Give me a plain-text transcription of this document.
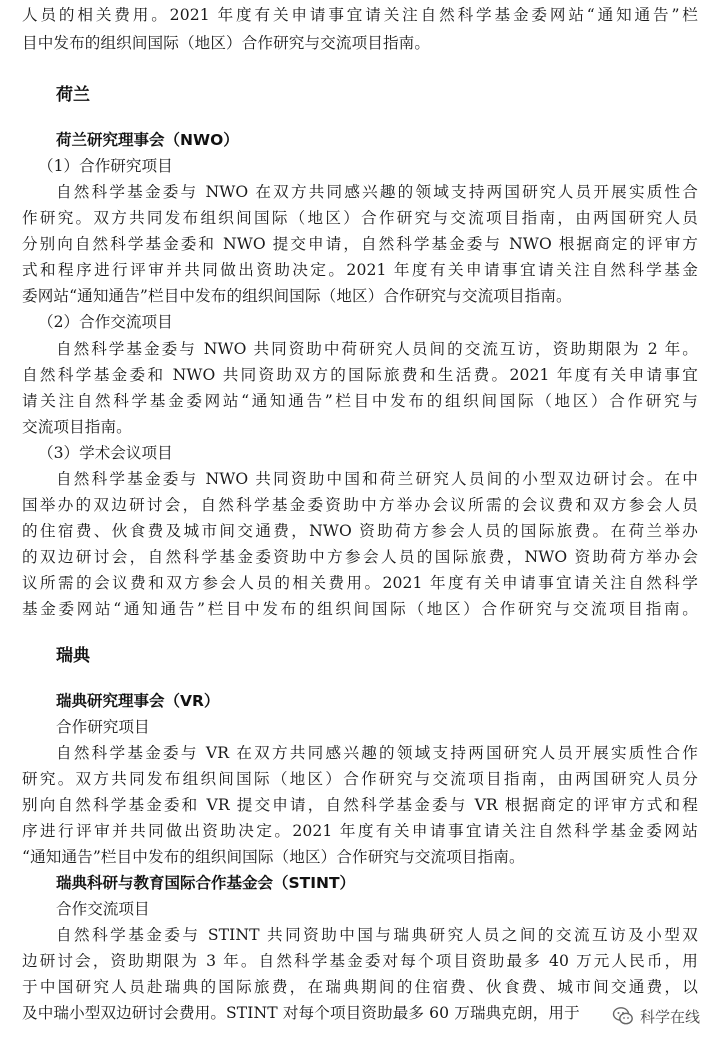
人员的相关费用。2021 年度有关申请事宜请关注自然科学基金委网站“通知通告”栏
目中发布的组织间国际（地区）合作研究与交流项目指南。
荷兰
荷兰研究理事会（NWO）
（1）合作研究项目
自然科学基金委与 NWO 在双方共同感兴趣的领域支持两国研究人员开展实质性合
作研究。双方共同发布组织间国际（地区）合作研究与交流项目指南，由两国研究人员
分别向自然科学基金委和 NWO 提交申请，自然科学基金委与 NWO 根据商定的评审方
式和程序进行评审并共同做出资助决定。2021 年度有关申请事宜请关注自然科学基金
委网站“通知通告”栏目中发布的组织间国际（地区）合作研究与交流项目指南。
（2）合作交流项目
自然科学基金委与 NWO 共同资助中荷研究人员间的交流互访，资助期限为 2 年。
自然科学基金委和 NWO 共同资助双方的国际旅费和生活费。2021 年度有关申请事宜
请关注自然科学基金委网站“通知通告”栏目中发布的组织间国际（地区）合作研究与
交流项目指南。
（3）学术会议项目
自然科学基金委与 NWO 共同资助中国和荷兰研究人员间的小型双边研讨会。在中
国举办的双边研讨会，自然科学基金委资助中方举办会议所需的会议费和双方参会人员
的住宿费、伙食费及城市间交通费，NWO 资助荷方参会人员的国际旅费。在荷兰举办
的双边研讨会，自然科学基金委资助中方参会人员的国际旅费，NWO 资助荷方举办会
议所需的会议费和双方参会人员的相关费用。2021 年度有关申请事宜请关注自然科学
基金委网站“通知通告”栏目中发布的组织间国际（地区）合作研究与交流项目指南。
瑞典
瑞典研究理事会（VR）
合作研究项目
自然科学基金委与 VR 在双方共同感兴趣的领域支持两国研究人员开展实质性合作
研究。双方共同发布组织间国际（地区）合作研究与交流项目指南，由两国研究人员分
别向自然科学基金委和 VR 提交申请，自然科学基金委与 VR 根据商定的评审方式和程
序进行评审并共同做出资助决定。2021 年度有关申请事宜请关注自然科学基金委网站
“通知通告”栏目中发布的组织间国际（地区）合作研究与交流项目指南。
瑞典科研与教育国际合作基金会（STINT）
合作交流项目
自然科学基金委与 STINT 共同资助中国与瑞典研究人员之间的交流互访及小型双
边研讨会，资助期限为 3 年。自然科学基金委对每个项目资助最多 40 万元人民币，用
于中国研究人员赴瑞典的国际旅费，在瑞典期间的住宿费、伙食费、城市间交通费，以
及中瑞小型双边研讨会费用。STINT 对每个项目资助最多 60 万瑞典克朗，用于	科学在线
